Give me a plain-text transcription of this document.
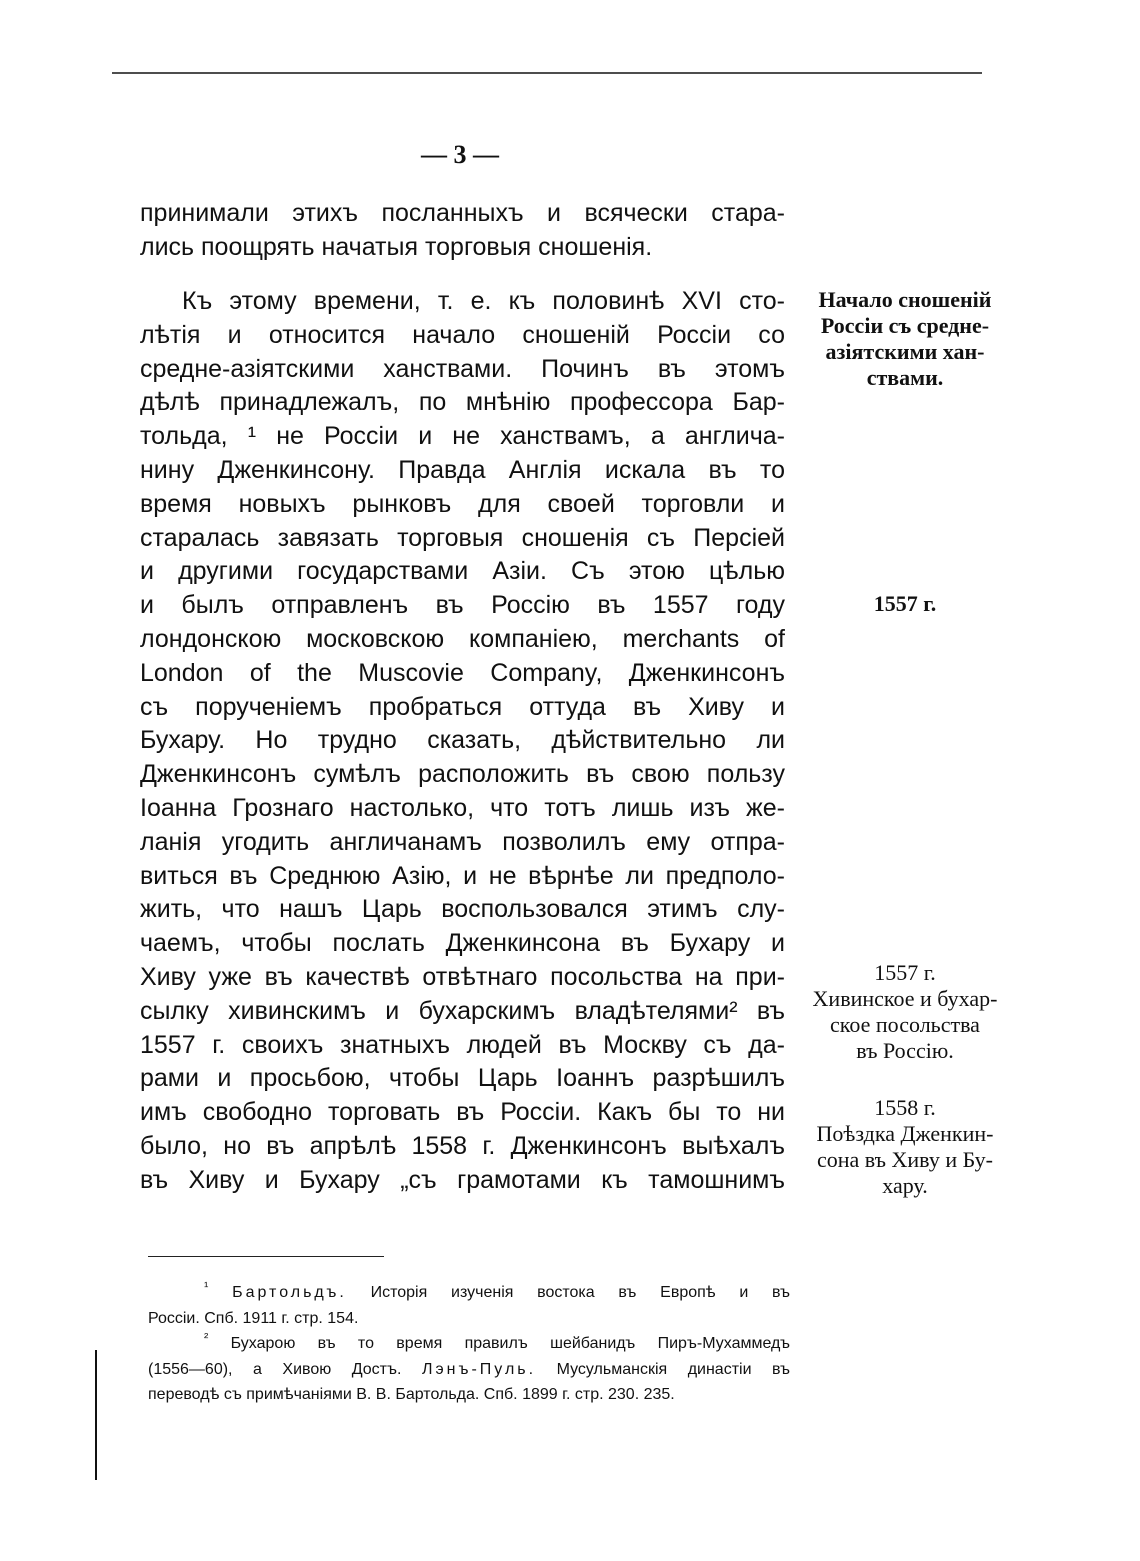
— 3 —
принимали этихъ посланныхъ и всячески стара-
лись поощрять начатыя торговыя сношенія.
Къ этому времени, т. е. къ половинѣ XVI сто-
лѣтія и относится начало сношеній Россіи со
средне-азіятскими ханствами. Починъ въ этомъ
дѣлѣ принадлежалъ, по мнѣнію профессора Бар-
тольда, ¹ не Россіи и не ханствамъ, а англича-
нину Дженкинсону. Правда Англія искала въ то
время новыхъ рынковъ для своей торговли и
старалась завязать торговыя сношенія съ Персіей
и другими государствами Азіи. Съ этою цѣлью
и былъ отправленъ въ Россію въ 1557 году
лондонскою московскою компаніею, merchants of
London of the Muscovie Company, Дженкинсонъ
съ порученіемъ пробраться оттуда въ Хиву и
Бухару. Но трудно сказать, дѣйствительно ли
Дженкинсонъ сумѣлъ расположить въ свою пользу
Іоанна Грознаго настолько, что тотъ лишь изъ же-
ланія угодить англичанамъ позволилъ ему отпра-
виться въ Среднюю Азію, и не вѣрнѣе ли предполо-
жить, что нашъ Царь воспользовался этимъ слу-
чаемъ, чтобы послать Дженкинсона въ Бухару и
Хиву уже въ качествѣ отвѣтнаго посольства на при-
сылку хивинскимъ и бухарскимъ владѣтелями² въ
1557 г. своихъ знатныхъ людей въ Москву съ да-
рами и просьбою, чтобы Царь Іоаннъ разрѣшилъ
имъ свободно торговать въ Россіи. Какъ бы то ни
было, но въ апрѣлѣ 1558 г. Дженкинсонъ выѣхалъ
въ Хиву и Бухару „съ грамотами къ тамошнимъ
Начало сношеній
Россіи съ средне-
азіятскими хан-
ствами.
1557 г.
1557 г.
Хивинское и бухар-
ское посольства
въ Россію.
1558 г.
Поѣздка Дженкин-
сона въ Хиву и Бу-
хару.
$^{^1}$ Бартольдъ. Исторія изученія востока въ Европѣ и въ
Россіи. Спб. 1911 г. стр. 154.
$^{^2}$ Бухарою въ то время правилъ шейбанидъ Пиръ-Мухаммедъ
(1556—60), а Хивою Достъ. Лэнъ-Пуль. Мусульманскія династіи въ
переводѣ съ примѣчаніями В. В. Бартольда. Спб. 1899 г. стр. 230. 235.
